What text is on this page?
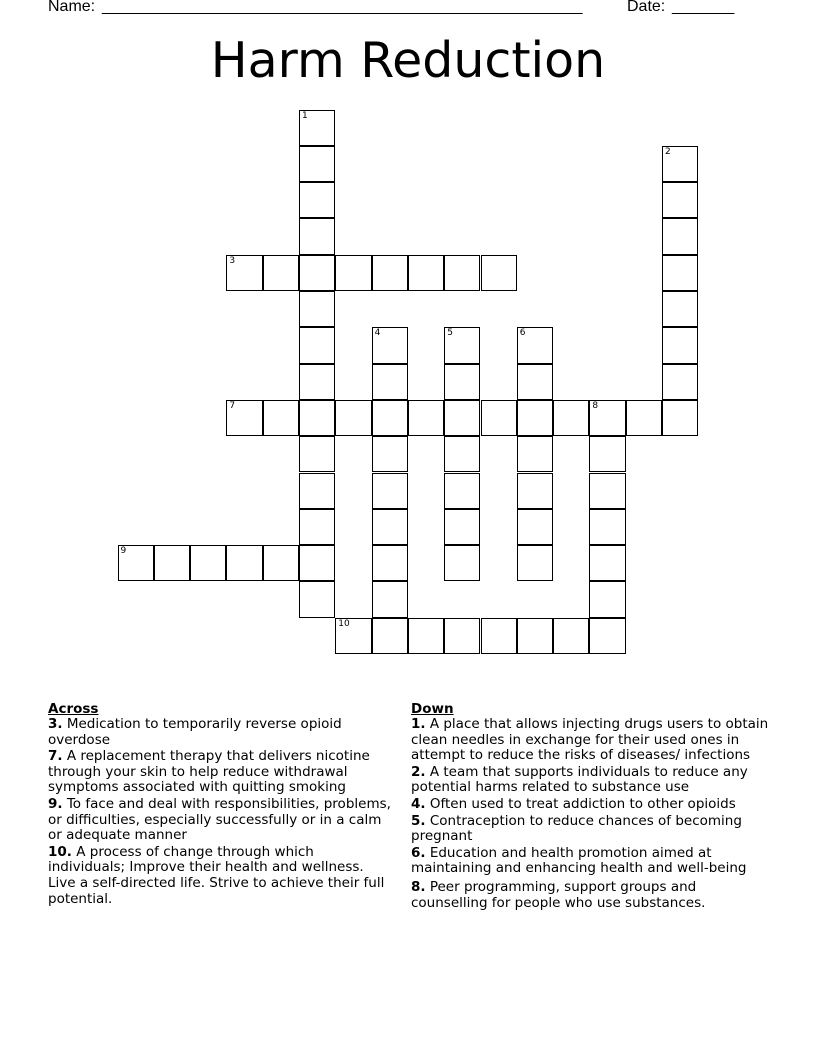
Name: ______________________________________________________	Date: _______
Harm Reduction
1
2
3
4	5	6
7	8
9
10
Across
3. Medication to temporarily reverse opioid overdose
7. A replacement therapy that delivers nicotine through your skin to help reduce withdrawal symptoms associated with quitting smoking
9. To face and deal with responsibilities, problems, or difficulties, especially successfully or in a calm or adequate manner
10. A process of change through which individuals; Improve their health and wellness. Live a self-directed life. Strive to achieve their full potential.
Down
1. A place that allows injecting drugs users to obtain clean needles in exchange for their used ones in attempt to reduce the risks of diseases/ infections
2. A team that supports individuals to reduce any potential harms related to substance use
4. Often used to treat addiction to other opioids
5. Contraception to reduce chances of becoming pregnant
6. Education and health promotion aimed at maintaining and enhancing health and well-being
8. Peer programming, support groups and counselling for people who use substances.
